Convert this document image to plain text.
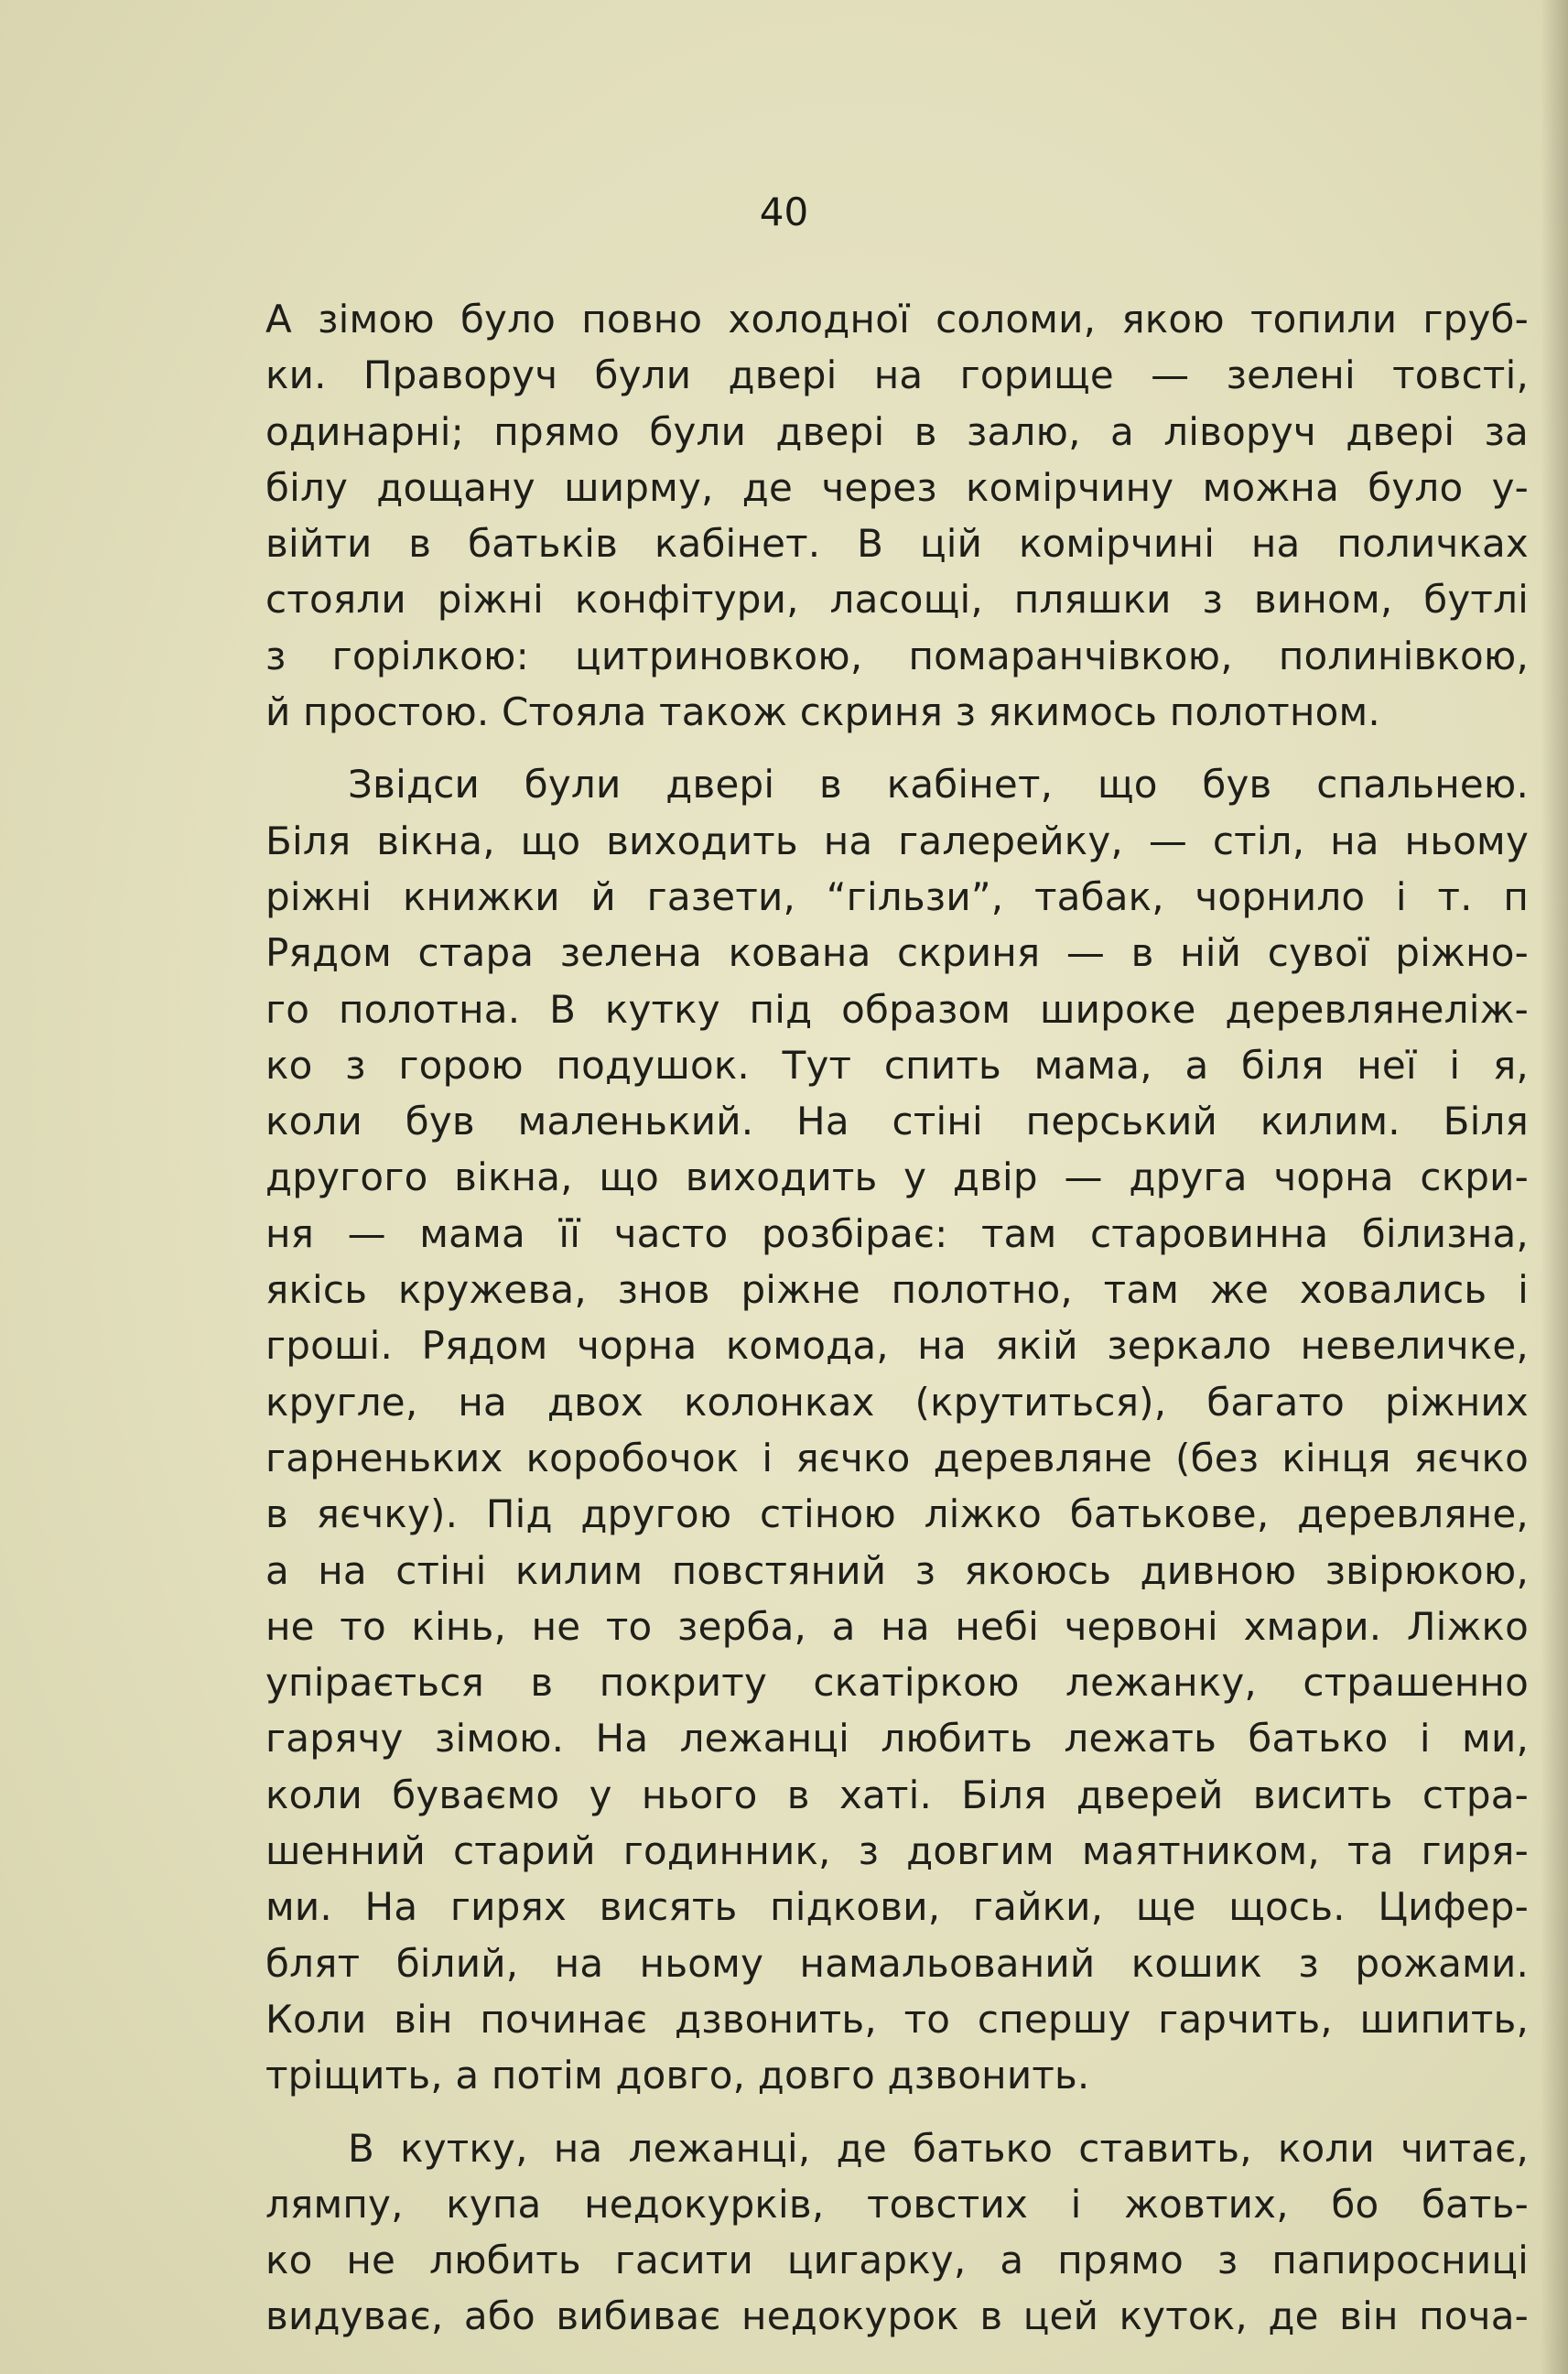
40
А зімою було повно холодної соломи, якою топили груб-
ки. Праворуч були двері на горище — зелені товсті,
одинарні; прямо були двері в залю, а ліворуч двері за
білу дощану ширму, де через комірчину можна було у-
війти в батьків кабінет. В цій комірчині на поличках
стояли ріжні конфітури, ласощі, пляшки з вином, бутлі
з горілкою: цитриновкою, помаранчівкою, полинівкою,
й простою. Стояла також скриня з якимось полотном.
Звідси були двері в кабінет, що був спальнею.
Біля вікна, що виходить на галерейку, — стіл, на ньому
ріжні книжки й газети, “гільзи”, табак, чорнило і т. п
Рядом стара зелена кована скриня — в ній сувої ріжно-
го полотна. В кутку під образом широке деревлянеліж-
ко з горою подушок. Тут спить мама, а біля неї і я,
коли був маленький. На стіні перський килим. Біля
другого вікна, що виходить у двір — друга чорна скри-
ня — мама її часто розбірає: там старовинна білизна,
якісь кружева, знов ріжне полотно, там же ховались і
гроші. Рядом чорна комода, на якій зеркало невеличке,
кругле, на двох колонках (крутиться), багато ріжних
гарненьких коробочок і яєчко деревляне (без кінця яєчко
в яєчку). Під другою стіною ліжко батькове, деревляне,
а на стіні килим повстяний з якоюсь дивною звірюкою,
не то кінь, не то зерба, а на небі червоні хмари. Ліжко
упірається в покриту скатіркою лежанку, страшенно
гарячу зімою. На лежанці любить лежать батько і ми,
коли буваємо у нього в хаті. Біля дверей висить стра-
шенний старий годинник, з довгим маятником, та гиря-
ми. На гирях висять підкови, гайки, ще щось. Цифер-
блят білий, на ньому намальований кошик з рожами.
Коли він починає дзвонить, то спершу гарчить, шипить,
тріщить, а потім довго, довго дзвонить.
В кутку, на лежанці, де батько ставить, коли читає,
лямпу, купа недокурків, товстих і жовтих, бо бать-
ко не любить гасити цигарку, а прямо з папиросниці
видуває, або вибиває недокурок в цей куток, де він поча-
